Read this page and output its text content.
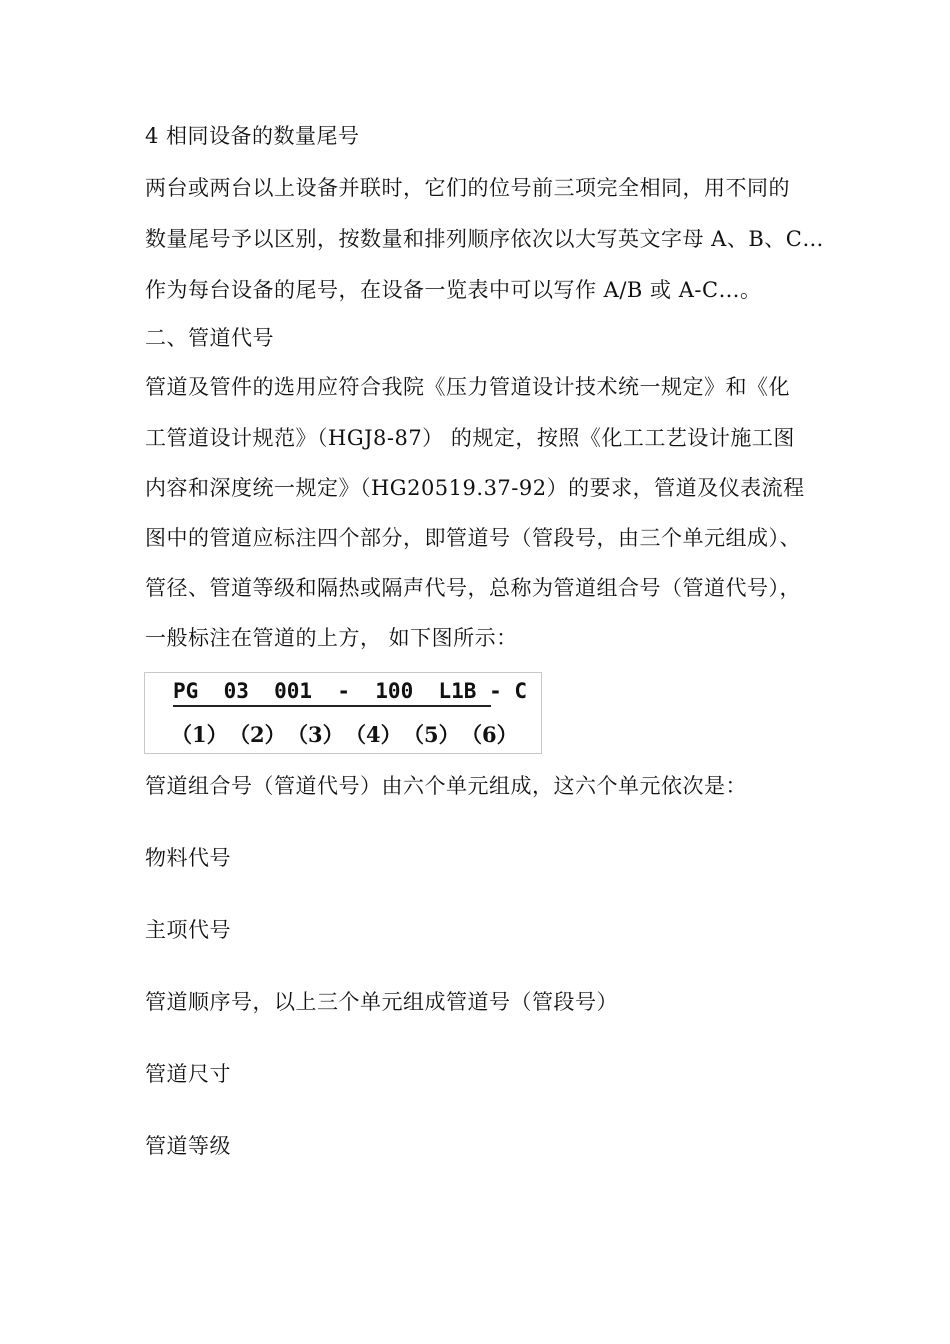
4 相同设备的数量尾号
两台或两台以上设备并联时，它们的位号前三项完全相同，用不同的
数量尾号予以区别，按数量和排列顺序依次以大写英文字母 A、B、C…
作为每台设备的尾号，在设备一览表中可以写作 A/B 或 A-C…。
二、管道代号
管道及管件的选用应符合我院《压力管道设计技术统一规定》和《化
工管道设计规范》（HGJ8-87） 的规定，按照《化工工艺设计施工图
内容和深度统一规定》（HG20519.37-92）的要求，管道及仪表流程
图中的管道应标注四个部分，即管道号（管段号，由三个单元组成）、
管径、管道等级和隔热或隔声代号，总称为管道组合号（管道代号），
一般标注在管道的上方， 如下图所示：
PG  03  001  -  100  L1B - C
（1） （2） （3） （4） （5） （6）
管道组合号（管道代号）由六个单元组成，这六个单元依次是：
物料代号
主项代号
管道顺序号，以上三个单元组成管道号（管段号）
管道尺寸
管道等级
